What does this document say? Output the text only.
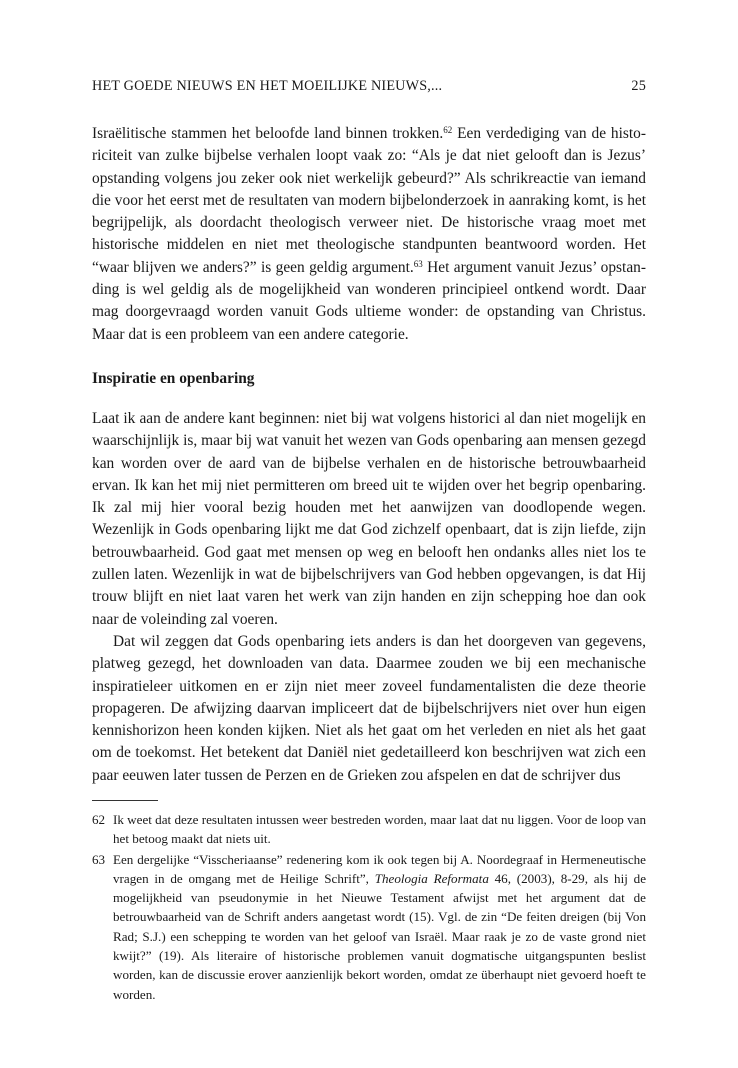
HET GOEDE NIEUWS EN HET MOEILIJKE NIEUWS,...	25

Israëlitische stammen het beloofde land binnen trokken.$^{62}$ Een verdediging van de historiciteit van zulke bijbelse verhalen loopt vaak zo: “Als je dat niet gelooft dan is Jezus’ opstanding volgens jou zeker ook niet werkelijk gebeurd?” Als schrikreactie van iemand die voor het eerst met de resultaten van modern bijbelonderzoek in aanraking komt, is het begrijpelijk, als doordacht theologisch verweer niet. De historische vraag moet met historische middelen en niet met theologische standpunten beantwoord worden. Het “waar blijven we anders?” is geen geldig argument.$^{63}$ Het argument vanuit Jezus’ opstanding is wel geldig als de mogelijkheid van wonderen principieel ontkend wordt. Daar mag doorgevraagd worden vanuit Gods ultieme wonder: de opstanding van Christus. Maar dat is een probleem van een andere categorie.

Inspiratie en openbaring

Laat ik aan de andere kant beginnen: niet bij wat volgens historici al dan niet mogelijk en waarschijnlijk is, maar bij wat vanuit het wezen van Gods openbaring aan mensen gezegd kan worden over de aard van de bijbelse verhalen en de historische betrouwbaarheid ervan. Ik kan het mij niet permitteren om breed uit te wijden over het begrip openbaring. Ik zal mij hier vooral bezig houden met het aanwijzen van doodlopende wegen. Wezenlijk in Gods openbaring lijkt me dat God zichzelf openbaart, dat is zijn liefde, zijn betrouwbaarheid. God gaat met mensen op weg en belooft hen ondanks alles niet los te zullen laten. Wezenlijk in wat de bijbelschrijvers van God hebben opgevangen, is dat Hij trouw blijft en niet laat varen het werk van zijn handen en zijn schepping hoe dan ook naar de voleinding zal voeren.

Dat wil zeggen dat Gods openbaring iets anders is dan het doorgeven van gegevens, platweg gezegd, het downloaden van data. Daarmee zouden we bij een mechanische inspiratieleer uitkomen en er zijn niet meer zoveel fundamentalisten die deze theorie propageren. De afwijzing daarvan impliceert dat de bijbelschrijvers niet over hun eigen kennishorizon heen konden kijken. Niet als het gaat om het verleden en niet als het gaat om de toekomst. Het betekent dat Daniël niet gedetailleerd kon beschrijven wat zich een paar eeuwen later tussen de Perzen en de Grieken zou afspelen en dat de schrijver dus

62 Ik weet dat deze resultaten intussen weer bestreden worden, maar laat dat nu liggen. Voor de loop van het betoog maakt dat niets uit.
63 Een dergelijke “Visscheriaanse” redenering kom ik ook tegen bij A. Noordegraaf in Hermeneutische vragen in de omgang met de Heilige Schrift”, Theologia Reformata 46, (2003), 8-29, als hij de mogelijkheid van pseudonymie in het Nieuwe Testament afwijst met het argument dat de betrouwbaarheid van de Schrift anders aangetast wordt (15). Vgl. de zin “De feiten dreigen (bij Von Rad; S.J.) een schepping te worden van het geloof van Israël. Maar raak je zo de vaste grond niet kwijt?” (19). Als literaire of historische problemen vanuit dogmatische uitgangspunten beslist worden, kan de discussie erover aanzienlijk bekort worden, omdat ze überhaupt niet gevoerd hoeft te worden.
